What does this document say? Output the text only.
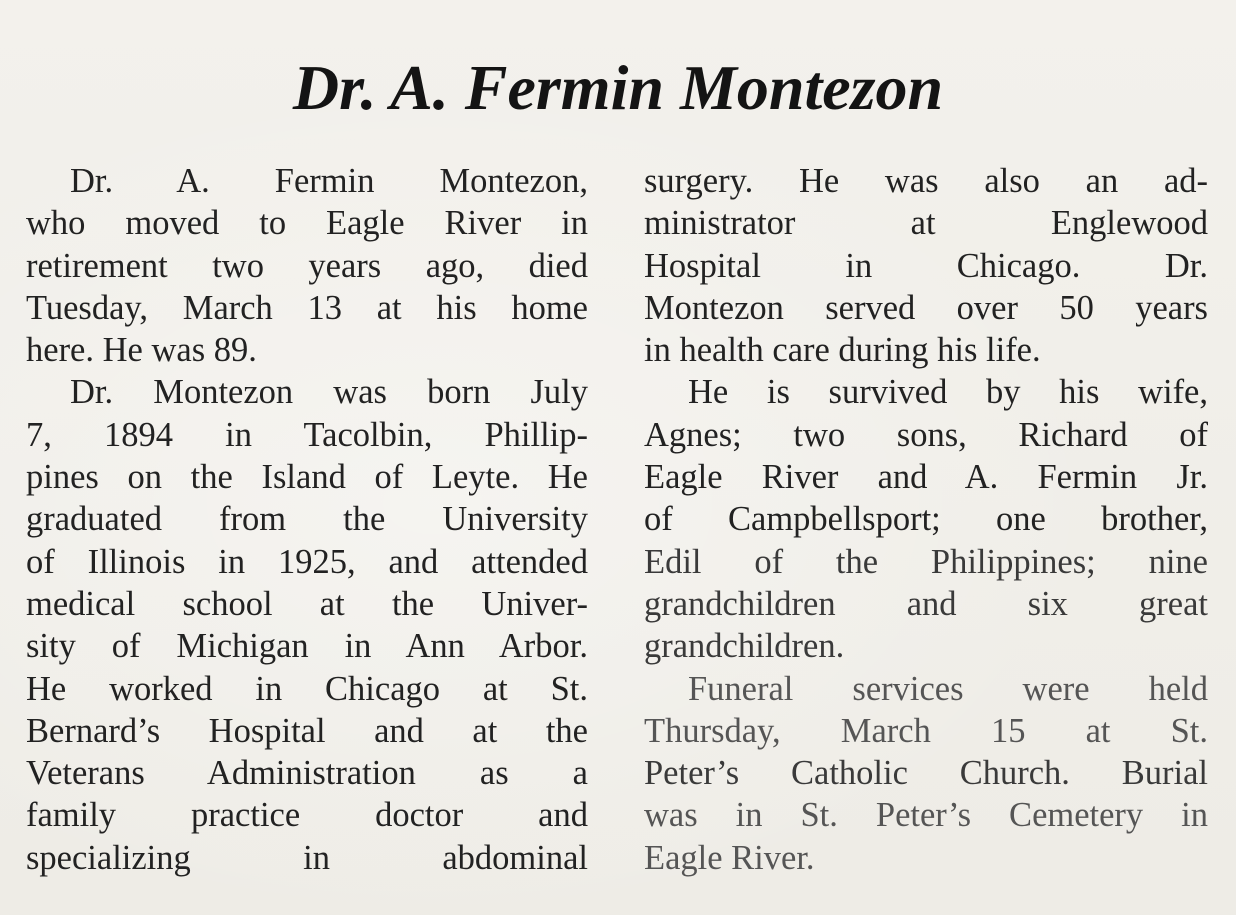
Dr. A. Fermin Montezon
Dr. A. Fermin Montezon,
who moved to Eagle River in
retirement two years ago, died
Tuesday, March 13 at his home
here. He was 89.
Dr. Montezon was born July
7, 1894 in Tacolbin, Phillip-
pines on the Island of Leyte. He
graduated from the University
of Illinois in 1925, and attended
medical school at the Univer-
sity of Michigan in Ann Arbor.
He worked in Chicago at St.
Bernard’s Hospital and at the
Veterans Administration as a
family practice doctor and
specializing in abdominal
surgery. He was also an ad-
ministrator at Englewood
Hospital in Chicago. Dr.
Montezon served over 50 years
in health care during his life.
He is survived by his wife,
Agnes; two sons, Richard of
Eagle River and A. Fermin Jr.
of Campbellsport; one brother,
Edil of the Philippines; nine
grandchildren and six great
grandchildren.
Funeral services were held
Thursday, March 15 at St.
Peter’s Catholic Church. Burial
was in St. Peter’s Cemetery in
Eagle River.
